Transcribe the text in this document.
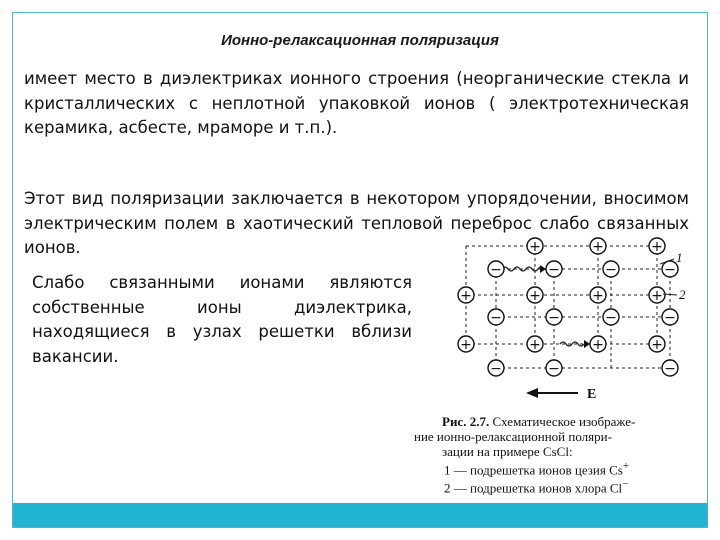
Ионно-релаксационная поляризация
имеет место в диэлектриках ионного строения (неорганические стекла и кристаллических с неплотной упаковкой ионов ( электротехническая керамика, асбесте, мраморе и т.п.).
Этот вид поляризации заключается в некотором упорядочении, вносимом электрическим полем в хаотический тепловой переброс слабо связанных ионов.
Слабо связанными ионами являются собственные ионы диэлектрика, находящиеся в узлах решетки вблизи вакансии.
+	+	+
+	+	+	+
+	+	+	+
−	−	−	−
−	−	−	−
−	−	−
1
2
E
Рис. 2.7. Схематическое изображе-
ние ионно-релаксационной поляри-
зации на примере CsCl:
1 — подрешетка ионов цезия Cs+
2 — подрешетка ионов хлора Cl−
